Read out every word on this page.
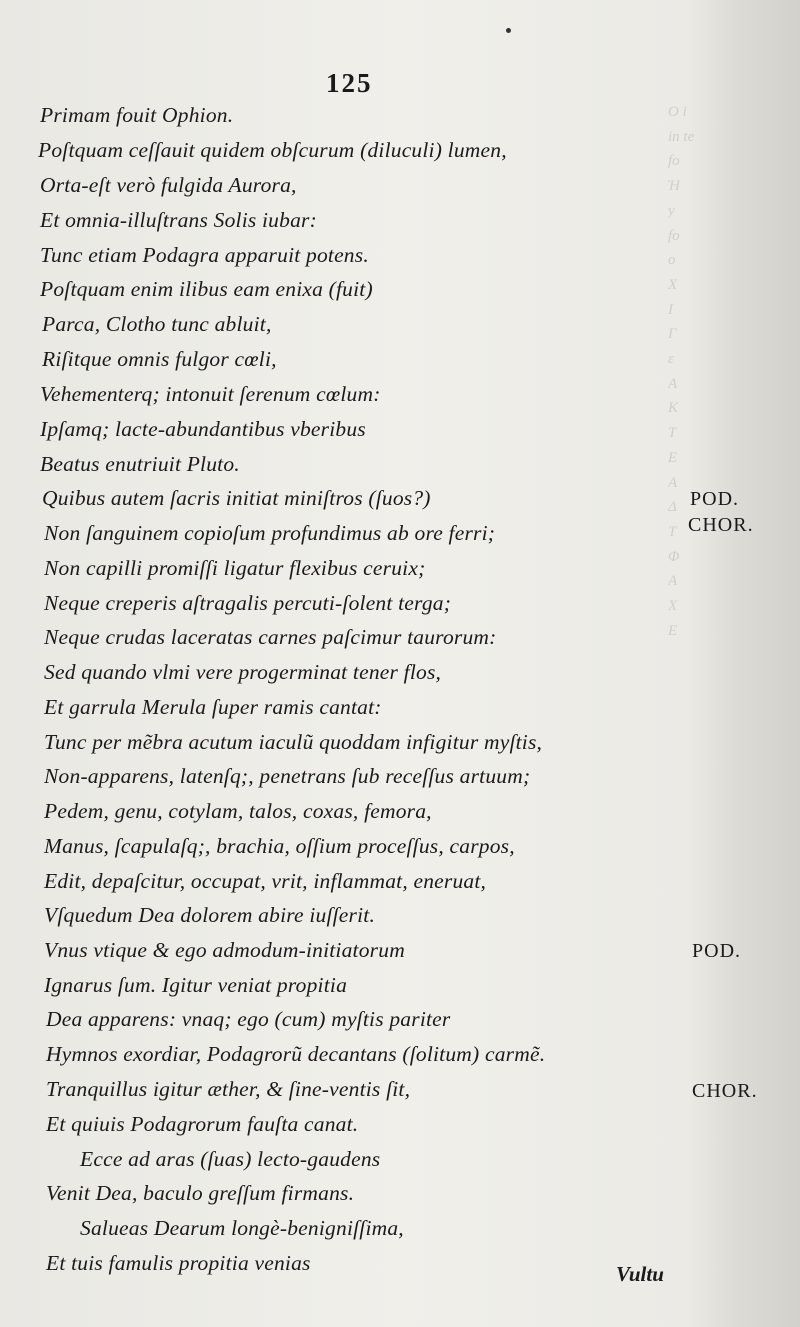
O i
in te
fo
Ή
y
fo
ο
X
Ι
Γ
ε
Α
K
Τ
E
Α
Δ
T
Φ
A
X
Ε
125
Primam fouit Ophion.
Poſtquam ceſſauit quidem obſcurum (diluculi) lumen,
Orta-eſt verò fulgida Aurora,
Et omnia-illuſtrans Solis iubar:
Tunc etiam Podagra apparuit potens.
Poſtquam enim ilibus eam enixa (fuit)
Parca, Clotho tunc abluit,
Riſitque omnis fulgor cœli,
Vehementerq; intonuit ſerenum cœlum:
Ipſamq; lacte-abundantibus vberibus
Beatus enutriuit Pluto.
Quibus autem ſacris initiat miniſtros (ſuos?)
Non ſanguinem copioſum profundimus ab ore ferri;
Non capilli promiſſi ligatur flexibus ceruix;
Neque creperis aſtragalis percuti-ſolent terga;
Neque crudas laceratas carnes paſcimur taurorum:
Sed quando vlmi vere progerminat tener flos,
Et garrula Merula ſuper ramis cantat:
Tunc per mẽbra acutum iaculũ quoddam infigitur myſtis,
Non-apparens, latenſq;, penetrans ſub receſſus artuum;
Pedem, genu, cotylam, talos, coxas, femora,
Manus, ſcapulaſq;, brachia, oſſium proceſſus, carpos,
Edit, depaſcitur, occupat, vrit, inflammat, eneruat,
Vſquedum Dea dolorem abire iuſſerit.
Vnus vtique & ego admodum-initiatorum
Ignarus ſum. Igitur veniat propitia
Dea apparens: vnaq; ego (cum) myſtis pariter
Hymnos exordiar, Podagrorũ decantans (ſolitum) carmẽ.
Tranquillus igitur æther, & ſine-ventis ſit,
Et quiuis Podagrorum fauſta canat.
Ecce ad aras (ſuas) lecto-gaudens
Venit Dea, baculo greſſum firmans.
Salueas Dearum longè-benigniſſima,
Et tuis famulis propitia venias
POD.
CHOR.
POD.
CHOR.
Vultu
